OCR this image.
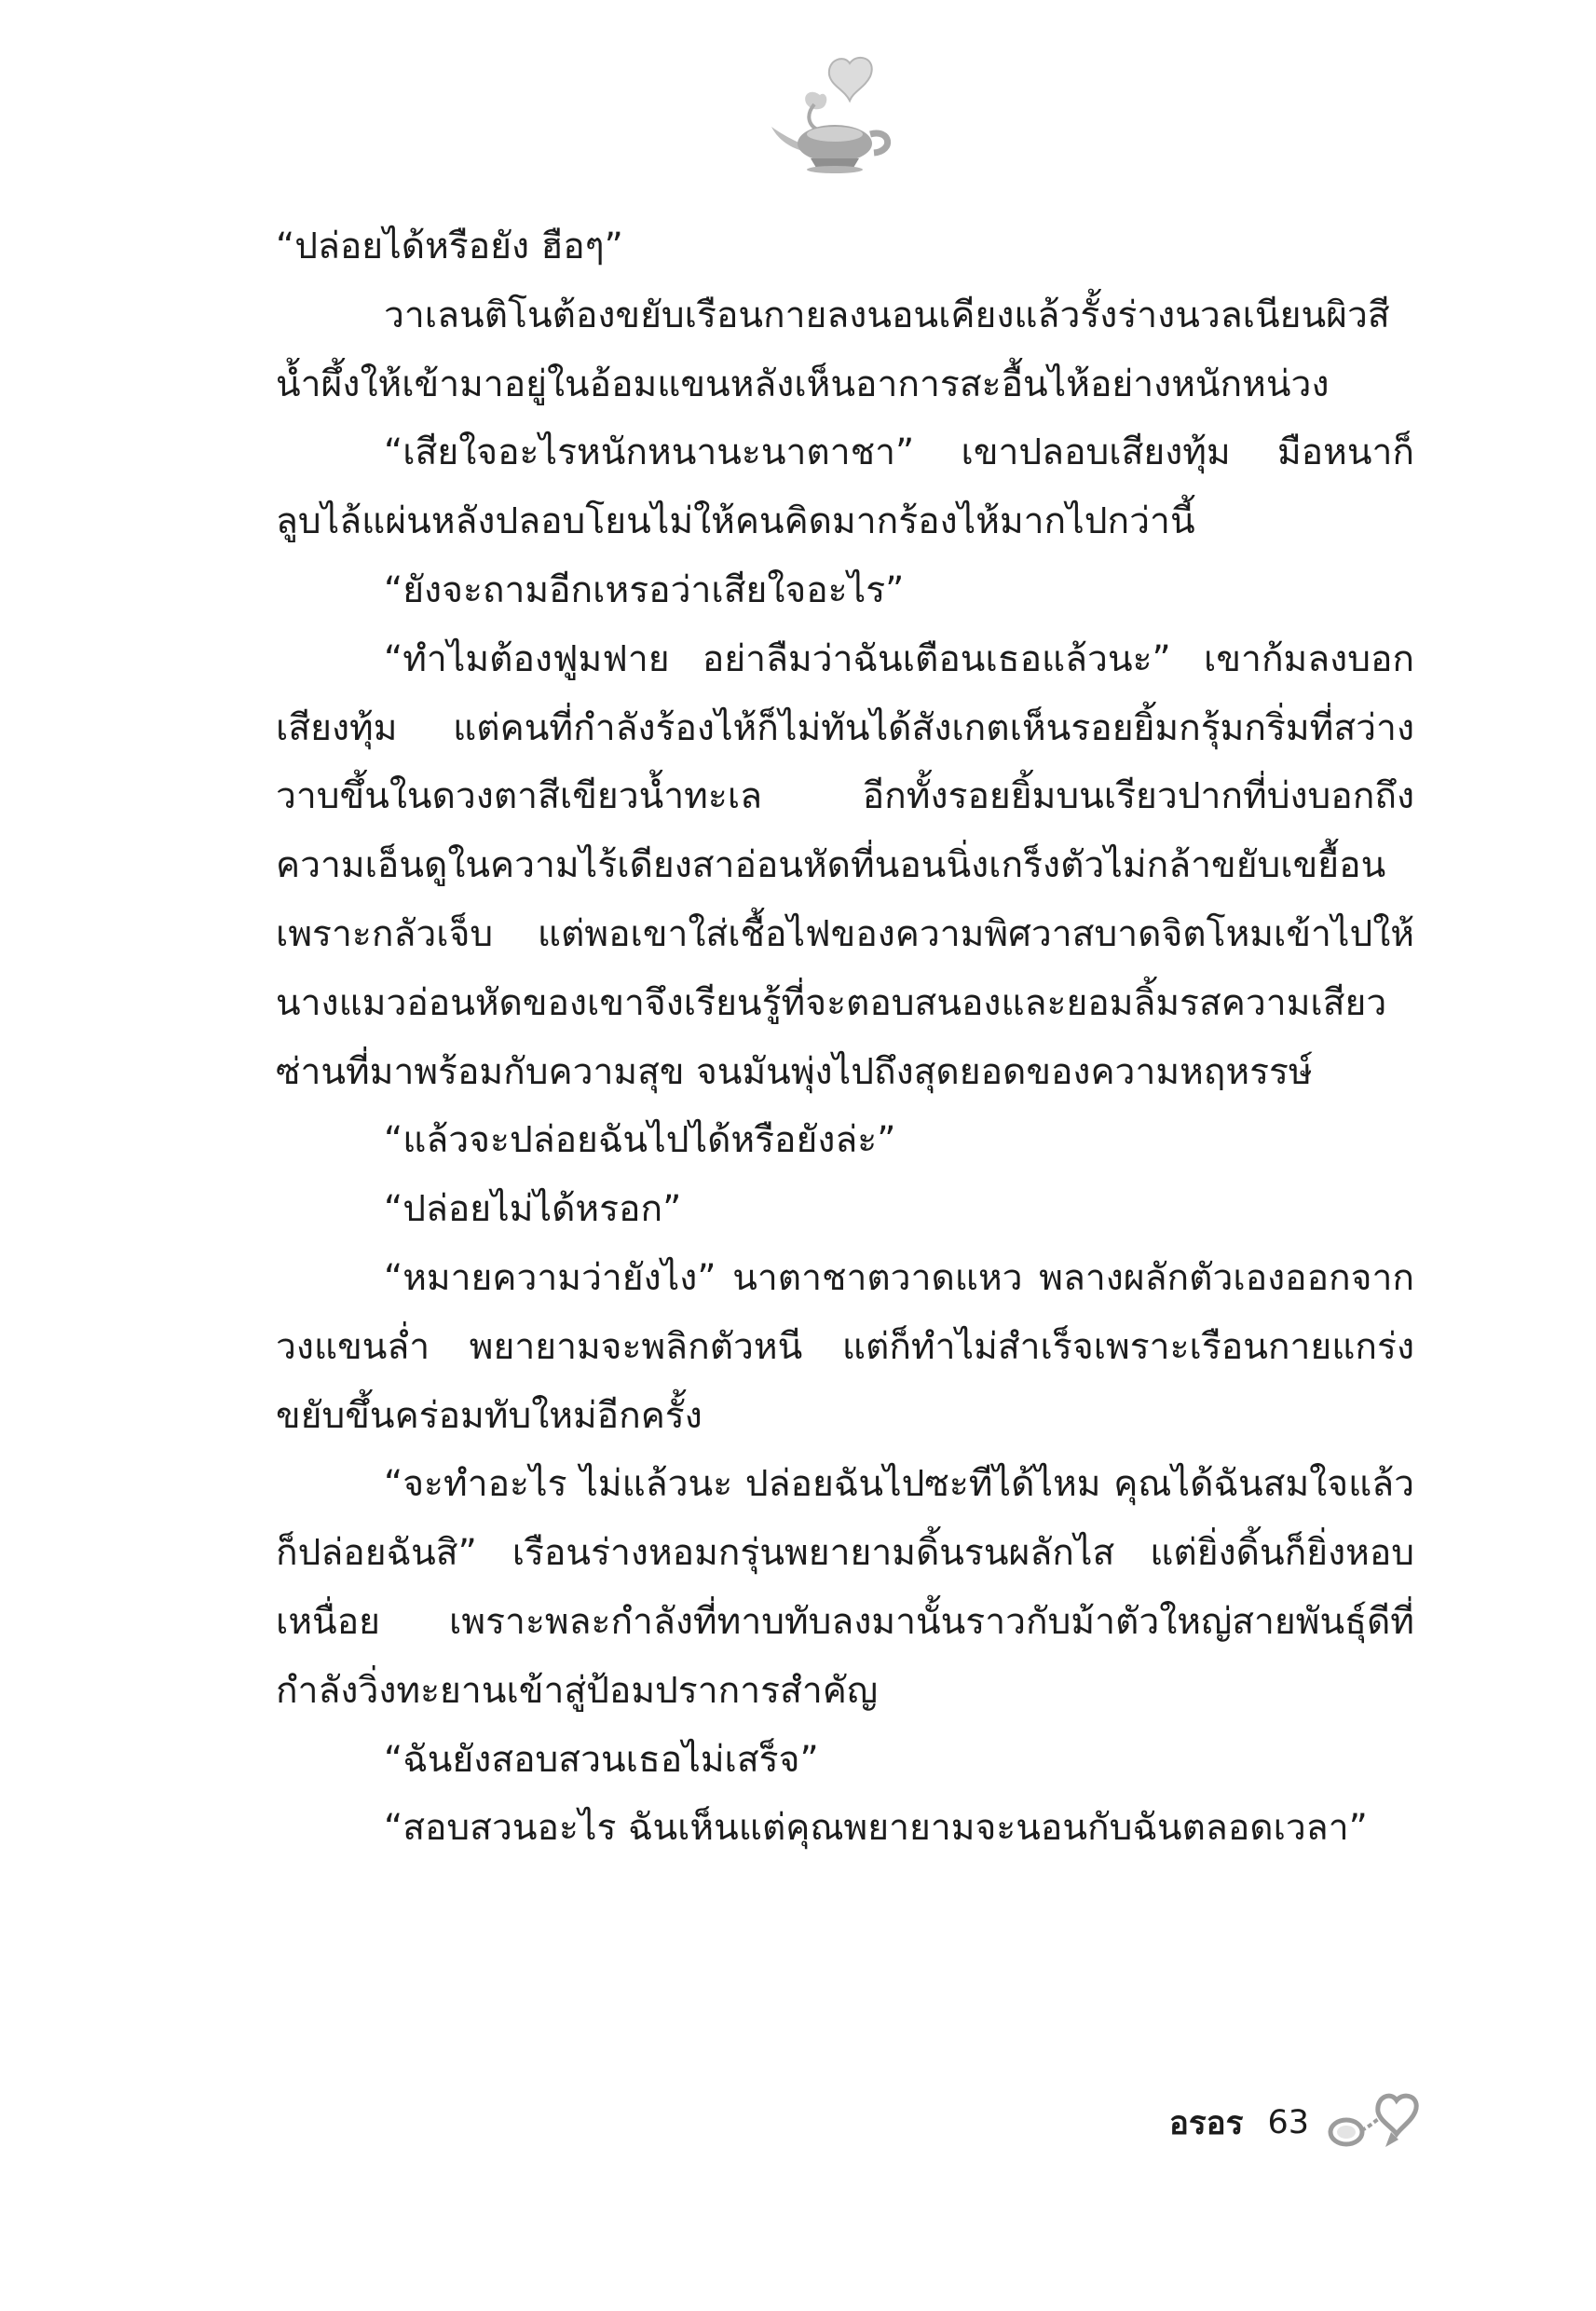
“ปล่อยได้หรือยัง ฮือๆ”

วาเลนติโนต้องขยับเรือนกายลงนอนเคียงแล้วรั้งร่างนวลเนียนผิวสีน้ำผึ้งให้เข้ามาอยู่ในอ้อมแขนหลังเห็นอาการสะอื้นไห้อย่างหนักหน่วง

“เสียใจอะไรหนักหนานะนาตาชา” เขาปลอบเสียงทุ้ม มือหนาก็ลูบไล้แผ่นหลังปลอบโยนไม่ให้คนคิดมากร้องไห้มากไปกว่านี้

“ยังจะถามอีกเหรอว่าเสียใจอะไร”

“ทำไมต้องฟูมฟาย อย่าลืมว่าฉันเตือนเธอแล้วนะ” เขาก้มลงบอกเสียงทุ้ม แต่คนที่กำลังร้องไห้ก็ไม่ทันได้สังเกตเห็นรอยยิ้มกรุ้มกริ่มที่สว่างวาบขึ้นในดวงตาสีเขียวน้ำทะเล อีกทั้งรอยยิ้มบนเรียวปากที่บ่งบอกถึงความเอ็นดูในความไร้เดียงสาอ่อนหัดที่นอนนิ่งเกร็งตัวไม่กล้าขยับเขยื้อนเพราะกลัวเจ็บ แต่พอเขาใส่เชื้อไฟของความพิศวาสบาดจิตโหมเข้าไปให้ นางแมวอ่อนหัดของเขาจึงเรียนรู้ที่จะตอบสนองและยอมลิ้มรสความเสียวซ่านที่มาพร้อมกับความสุข จนมันพุ่งไปถึงสุดยอดของความหฤหรรษ์

“แล้วจะปล่อยฉันไปได้หรือยังล่ะ”

“ปล่อยไม่ได้หรอก”

“หมายความว่ายังไง” นาตาชาตวาดแหว พลางผลักตัวเองออกจากวงแขนล่ำ พยายามจะพลิกตัวหนี แต่ก็ทำไม่สำเร็จเพราะเรือนกายแกร่งขยับขึ้นคร่อมทับใหม่อีกครั้ง

“จะทำอะไร ไม่แล้วนะ ปล่อยฉันไปซะทีได้ไหม คุณได้ฉันสมใจแล้วก็ปล่อยฉันสิ” เรือนร่างหอมกรุ่นพยายามดิ้นรนผลักไส แต่ยิ่งดิ้นก็ยิ่งหอบเหนื่อย เพราะพละกำลังที่ทาบทับลงมานั้นราวกับม้าตัวใหญ่สายพันธุ์ดีที่กำลังวิ่งทะยานเข้าสู่ป้อมปราการสำคัญ

“ฉันยังสอบสวนเธอไม่เสร็จ”

“สอบสวนอะไร ฉันเห็นแต่คุณพยายามจะนอนกับฉันตลอดเวลา”

อรอร 63
